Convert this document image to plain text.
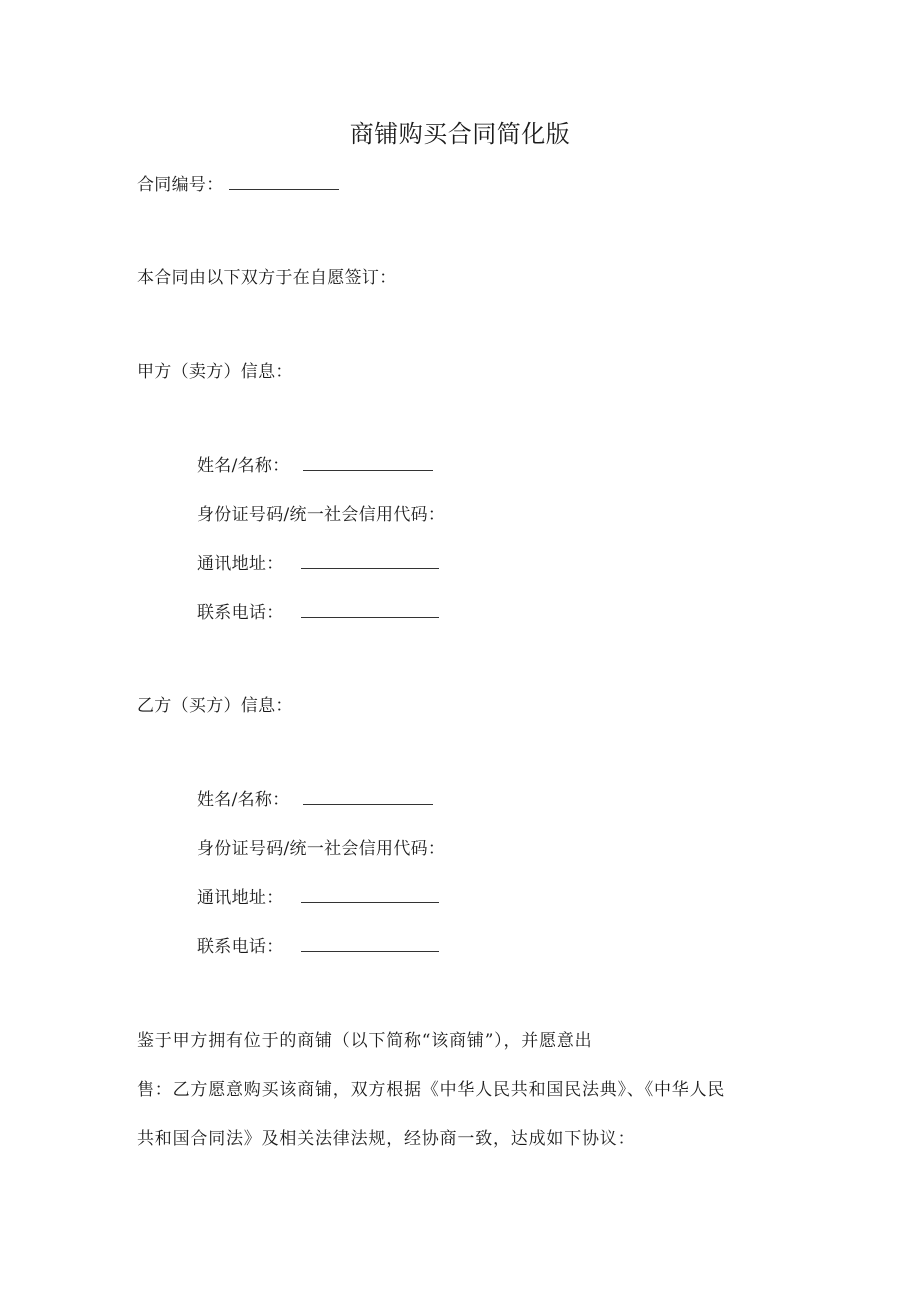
商铺购买合同简化版
合同编号：
本合同由以下双方于在自愿签订：
甲方（卖方）信息：
姓名/名称：
身份证号码/统一社会信用代码：
通讯地址：
联系电话：
乙方（买方）信息：
姓名/名称：
身份证号码/统一社会信用代码：
通讯地址：
联系电话：
鉴于甲方拥有位于的商铺（以下简称“该商铺”），并愿意出
售：乙方愿意购买该商铺，双方根据《中华人民共和国民法典》、《中华人民
共和国合同法》及相关法律法规，经协商一致，达成如下协议：
